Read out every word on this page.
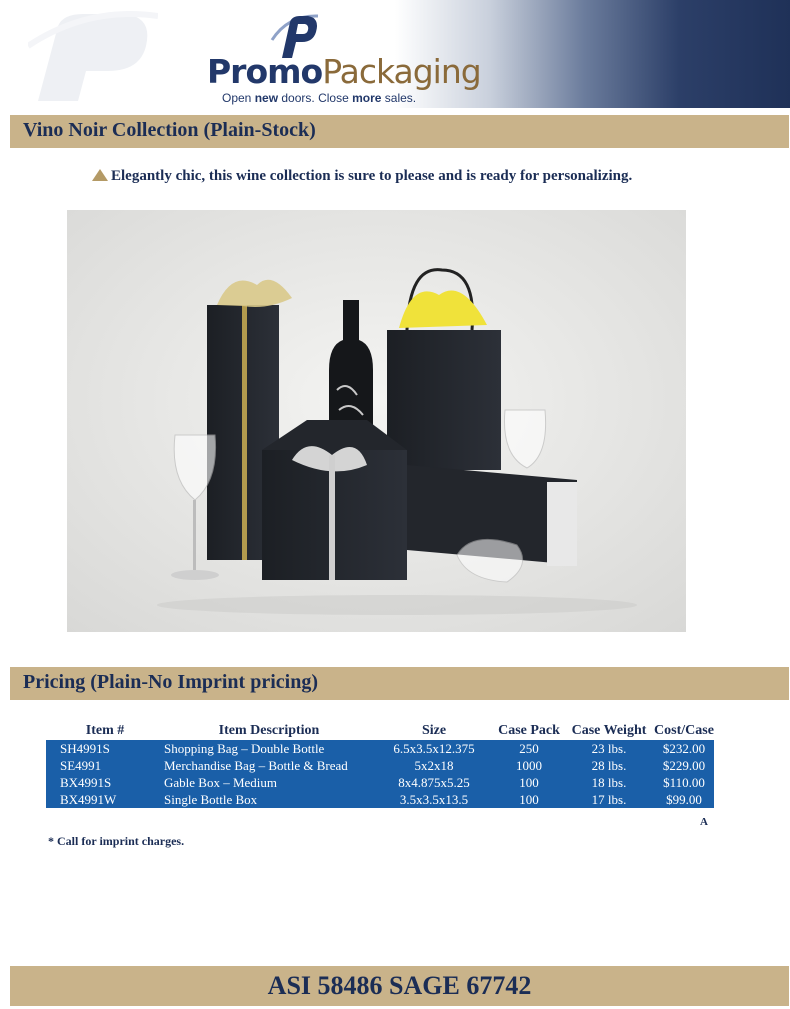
PromoPackaging
Open new doors. Close more sales.
Vino Noir Collection (Plain-Stock)
Elegantly chic, this wine collection is sure to please and is ready for personalizing.
Pricing (Plain-No Imprint pricing)
Item #	Item Description	Size	Case Pack	Case Weight	Cost/Case
SH4991S	Shopping Bag – Double Bottle	6.5x3.5x12.375	250	23 lbs.	$232.00
SE4991	Merchandise Bag – Bottle & Bread	5x2x18	1000	28 lbs.	$229.00
BX4991S	Gable Box – Medium	8x4.875x5.25	100	18 lbs.	$110.00
BX4991W	Single Bottle Box	3.5x3.5x13.5	100	17 lbs.	$99.00
A
* Call for imprint charges.
ASI 58486 SAGE 67742
